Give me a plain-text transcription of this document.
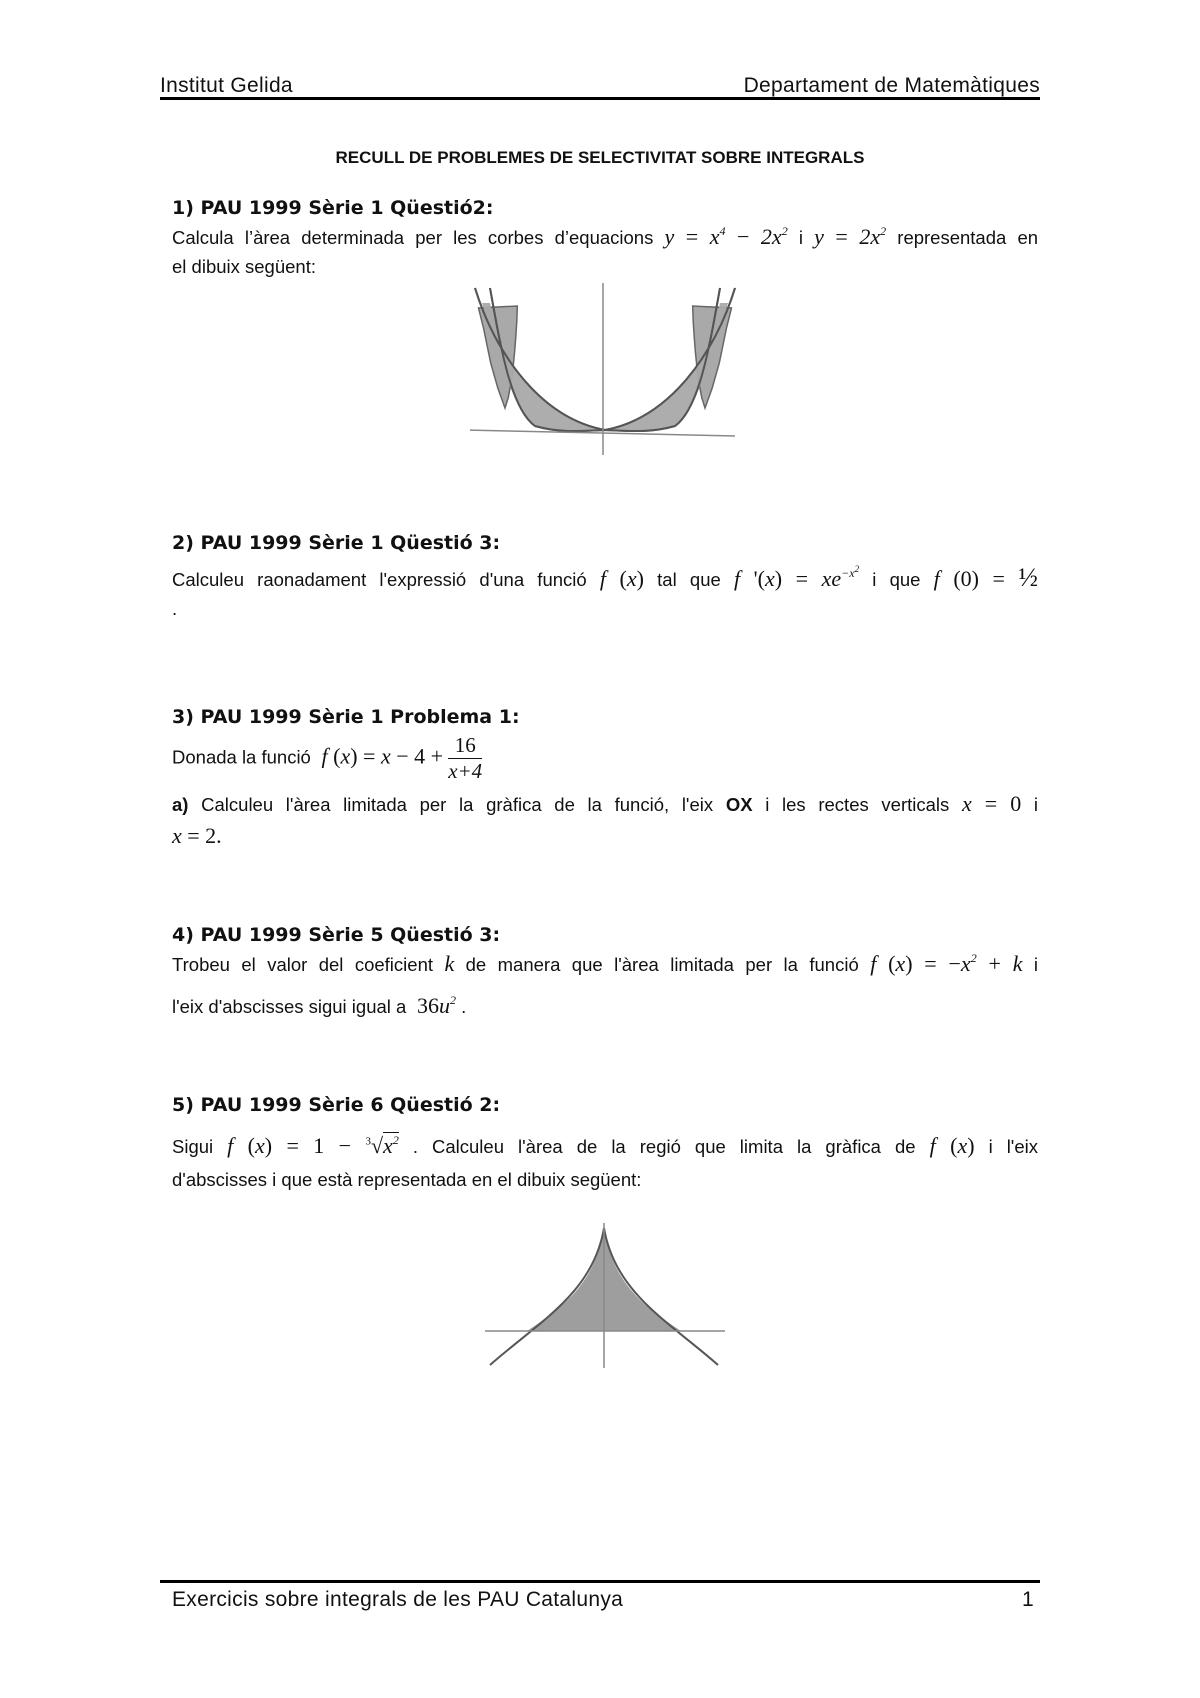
Institut Gelida	Departament de Matemàtiques
RECULL DE PROBLEMES DE SELECTIVITAT SOBRE INTEGRALS
1) PAU 1999 Sèrie 1 Qüestió2:
Calcula l’àrea determinada per les corbes d’equacions $y = x^4 - 2x^2$ i $y = 2x^2$ representada en
el dibuix següent:
2) PAU 1999 Sèrie 1 Qüestió 3:
Calculeu raonadament l'expressió d'una funció f (x) tal que f '$(x) = xe^{-x^2}$ i que f (0) = ½
.
3) PAU 1999 Sèrie 1 Problema 1:
Donada la funció  f $(x) = x - 4 + \frac{16}{x+4}$
a) Calculeu l'àrea limitada per la gràfica de la funció, l'eix OX i les rectes verticals x = 0 i
x = 2.
4) PAU 1999 Sèrie 5 Qüestió 3:
Trobeu el valor del coeficient k de manera que l'àrea limitada per la funció f $(x) = -x^2 + k$ i
l'eix d'abscisses sigui igual a $36u^2$ .
5) PAU 1999 Sèrie 6 Qüestió 2:
Sigui f $(x) = 1 - ^3√x^2$ . Calculeu l'àrea de la regió que limita la gràfica de f (x) i l'eix
d'abscisses i que està representada en el dibuix següent:
Exercicis sobre integrals de les PAU Catalunya	1
